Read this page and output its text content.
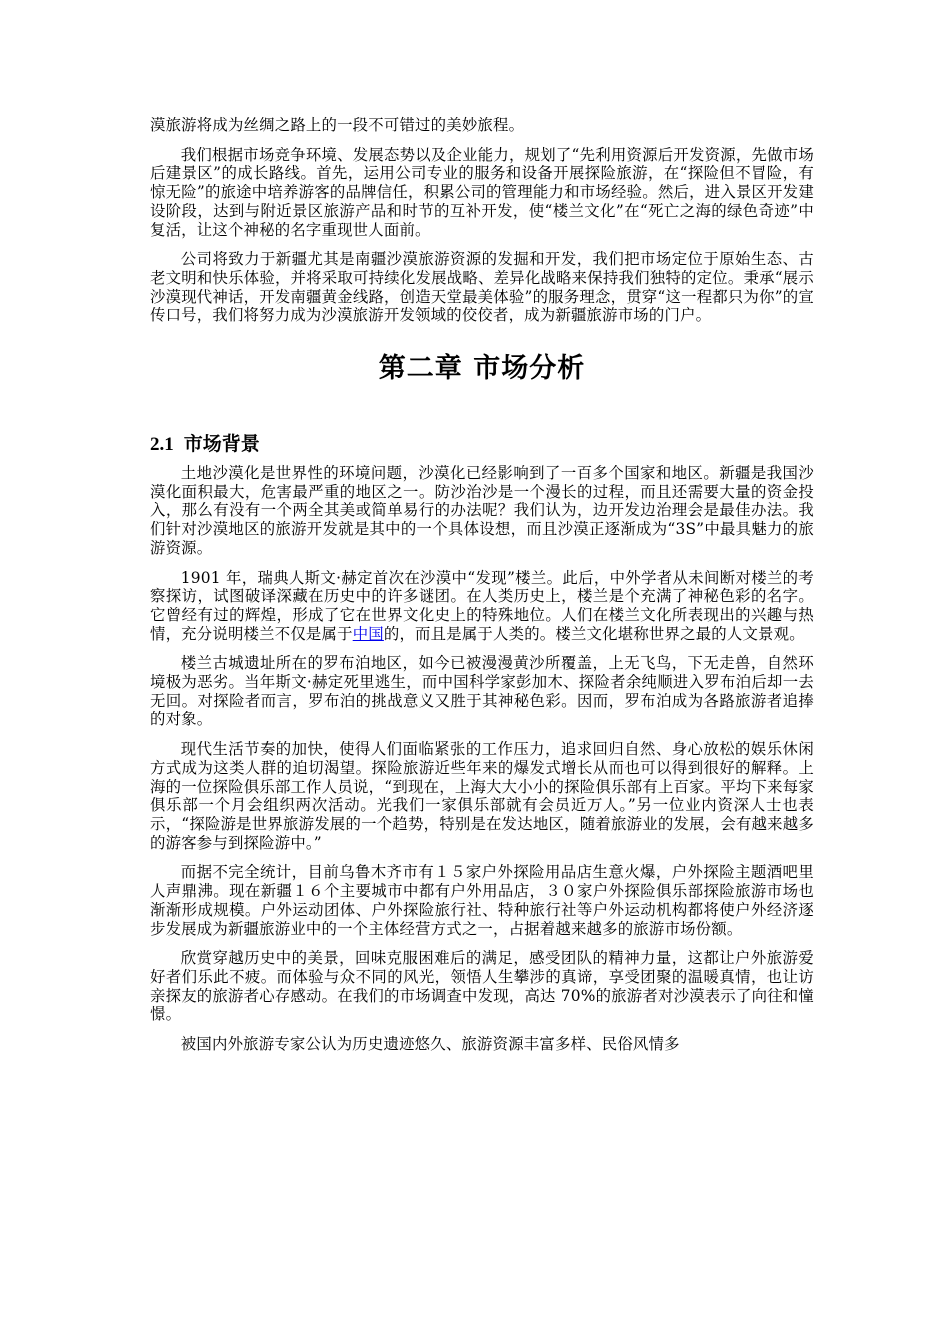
漠旅游将成为丝绸之路上的一段不可错过的美妙旅程。

我们根据市场竞争环境、发展态势以及企业能力，规划了“先利用资源后开发资源，先做市场后建景区”的成长路线。首先，运用公司专业的服务和设备开展探险旅游，在“探险但不冒险，有惊无险”的旅途中培养游客的品牌信任，积累公司的管理能力和市场经验。然后，进入景区开发建设阶段，达到与附近景区旅游产品和时节的互补开发，使“楼兰文化”在“死亡之海的绿色奇迹”中复活，让这个神秘的名字重现世人面前。

公司将致力于新疆尤其是南疆沙漠旅游资源的发掘和开发，我们把市场定位于原始生态、古老文明和快乐体验，并将采取可持续化发展战略、差异化战略来保持我们独特的定位。秉承“展示沙漠现代神话，开发南疆黄金线路，创造天堂最美体验”的服务理念，贯穿“这一程都只为你”的宣传口号，我们将努力成为沙漠旅游开发领域的佼佼者，成为新疆旅游市场的门户。

第二章 市场分析
2.1 市场背景

土地沙漠化是世界性的环境问题，沙漠化已经影响到了一百多个国家和地区。新疆是我国沙漠化面积最大，危害最严重的地区之一。防沙治沙是一个漫长的过程，而且还需要大量的资金投入，那么有没有一个两全其美或简单易行的办法呢？我们认为，边开发边治理会是最佳办法。我们针对沙漠地区的旅游开发就是其中的一个具体设想，而且沙漠正逐渐成为“3S”中最具魅力的旅游资源。

1901 年，瑞典人斯文·赫定首次在沙漠中“发现”楼兰。此后，中外学者从未间断对楼兰的考察探访，试图破译深藏在历史中的许多谜团。在人类历史上，楼兰是个充满了神秘色彩的名字。它曾经有过的辉煌，形成了它在世界文化史上的特殊地位。人们在楼兰文化所表现出的兴趣与热情，充分说明楼兰不仅是属于中国的，而且是属于人类的。楼兰文化堪称世界之最的人文景观。

楼兰古城遗址所在的罗布泊地区，如今已被漫漫黄沙所覆盖，上无飞鸟，下无走兽，自然环境极为恶劣。当年斯文·赫定死里逃生，而中国科学家彭加木、探险者余纯顺进入罗布泊后却一去无回。对探险者而言，罗布泊的挑战意义又胜于其神秘色彩。因而，罗布泊成为各路旅游者追捧的对象。

现代生活节奏的加快，使得人们面临紧张的工作压力，追求回归自然、身心放松的娱乐休闲方式成为这类人群的迫切渴望。探险旅游近些年来的爆发式增长从而也可以得到很好的解释。上海的一位探险俱乐部工作人员说，“到现在，上海大大小小的探险俱乐部有上百家。平均下来每家俱乐部一个月会组织两次活动。光我们一家俱乐部就有会员近万人。”另一位业内资深人士也表示，“探险游是世界旅游发展的一个趋势，特别是在发达地区，随着旅游业的发展，会有越来越多的游客参与到探险游中。”

而据不完全统计，目前乌鲁木齐市有１５家户外探险用品店生意火爆，户外探险主题酒吧里人声鼎沸。现在新疆１６个主要城市中都有户外用品店，３０家户外探险俱乐部探险旅游市场也渐渐形成规模。户外运动团体、户外探险旅行社、特种旅行社等户外运动机构都将使户外经济逐步发展成为新疆旅游业中的一个主体经营方式之一，占据着越来越多的旅游市场份额。

欣赏穿越历史中的美景，回味克服困难后的满足，感受团队的精神力量，这都让户外旅游爱好者们乐此不疲。而体验与众不同的风光，领悟人生攀涉的真谛，享受团聚的温暖真情，也让访亲探友的旅游者心存感动。在我们的市场调查中发现，高达 70%的旅游者对沙漠表示了向往和憧憬。

被国内外旅游专家公认为历史遗迹悠久、旅游资源丰富多样、民俗风情多
